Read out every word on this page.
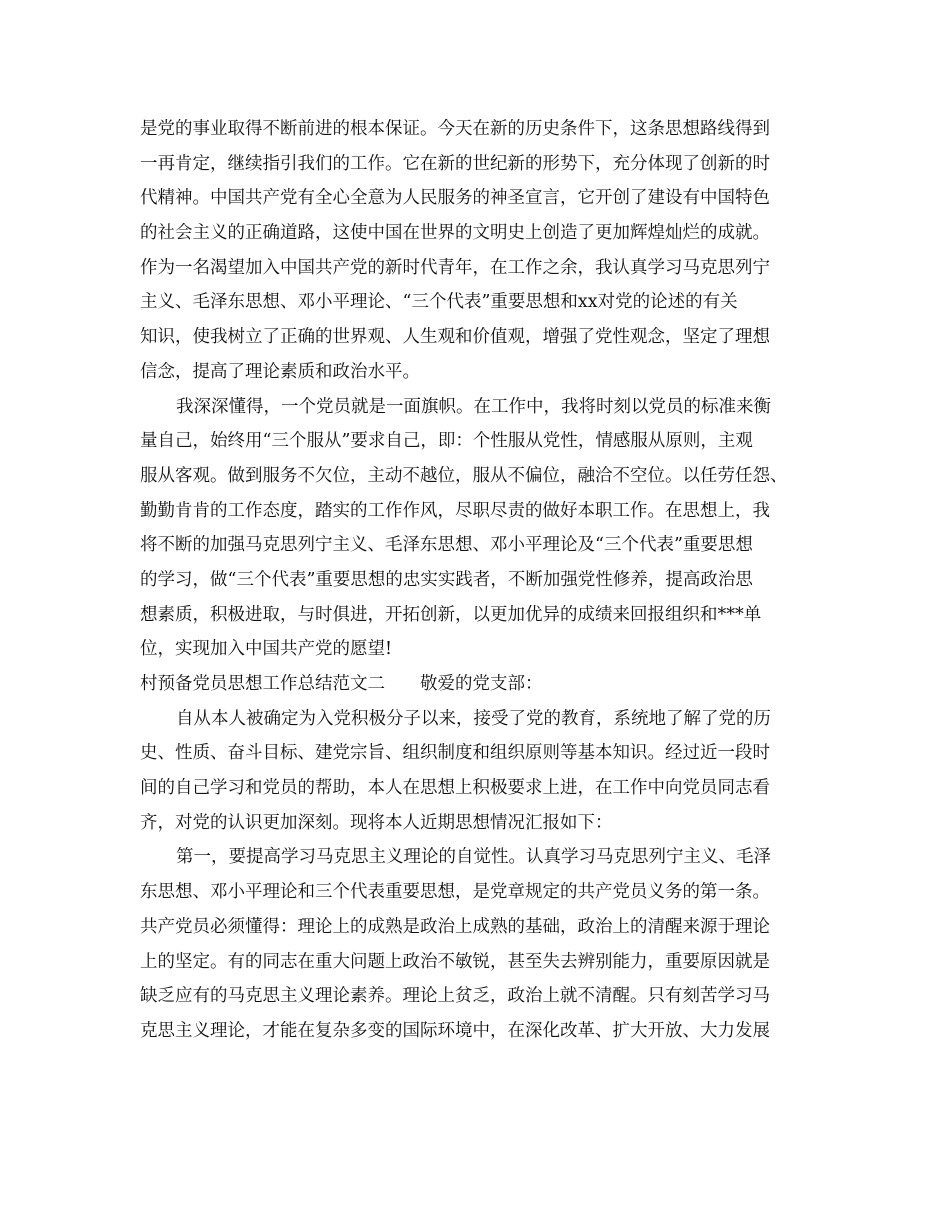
是党的事业取得不断前进的根本保证。今天在新的历史条件下，这条思想路线得到
一再肯定，继续指引我们的工作。它在新的世纪新的形势下，充分体现了创新的时
代精神。中国共产党有全心全意为人民服务的神圣宣言，它开创了建设有中国特色
的社会主义的正确道路，这使中国在世界的文明史上创造了更加辉煌灿烂的成就。
作为一名渴望加入中国共产党的新时代青年，在工作之余，我认真学习马克思列宁
主义、毛泽东思想、邓小平理论、“三个代表”重要思想和xx对党的论述的有关
知识，使我树立了正确的世界观、人生观和价值观，增强了党性观念，坚定了理想
信念，提高了理论素质和政治水平。
我深深懂得，一个党员就是一面旗帜。在工作中，我将时刻以党员的标准来衡
量自己，始终用“三个服从”要求自己，即：个性服从党性，情感服从原则，主观
服从客观。做到服务不欠位，主动不越位，服从不偏位，融洽不空位。以任劳任怨、
勤勤肯肯的工作态度，踏实的工作作风，尽职尽责的做好本职工作。在思想上，我
将不断的加强马克思列宁主义、毛泽东思想、邓小平理论及“三个代表”重要思想
的学习，做“三个代表”重要思想的忠实实践者，不断加强党性修养，提高政治思
想素质，积极进取，与时俱进，开拓创新，以更加优异的成绩来回报组织和***单
位，实现加入中国共产党的愿望!
村预备党员思想工作总结范文二　　敬爱的党支部：
自从本人被确定为入党积极分子以来，接受了党的教育，系统地了解了党的历
史、性质、奋斗目标、建党宗旨、组织制度和组织原则等基本知识。经过近一段时
间的自己学习和党员的帮助，本人在思想上积极要求上进，在工作中向党员同志看
齐，对党的认识更加深刻。现将本人近期思想情况汇报如下：
第一，要提高学习马克思主义理论的自觉性。认真学习马克思列宁主义、毛泽
东思想、邓小平理论和三个代表重要思想，是党章规定的共产党员义务的第一条。
共产党员必须懂得：理论上的成熟是政治上成熟的基础，政治上的清醒来源于理论
上的坚定。有的同志在重大问题上政治不敏锐，甚至失去辨别能力，重要原因就是
缺乏应有的马克思主义理论素养。理论上贫乏，政治上就不清醒。只有刻苦学习马
克思主义理论，才能在复杂多变的国际环境中，在深化改革、扩大开放、大力发展
